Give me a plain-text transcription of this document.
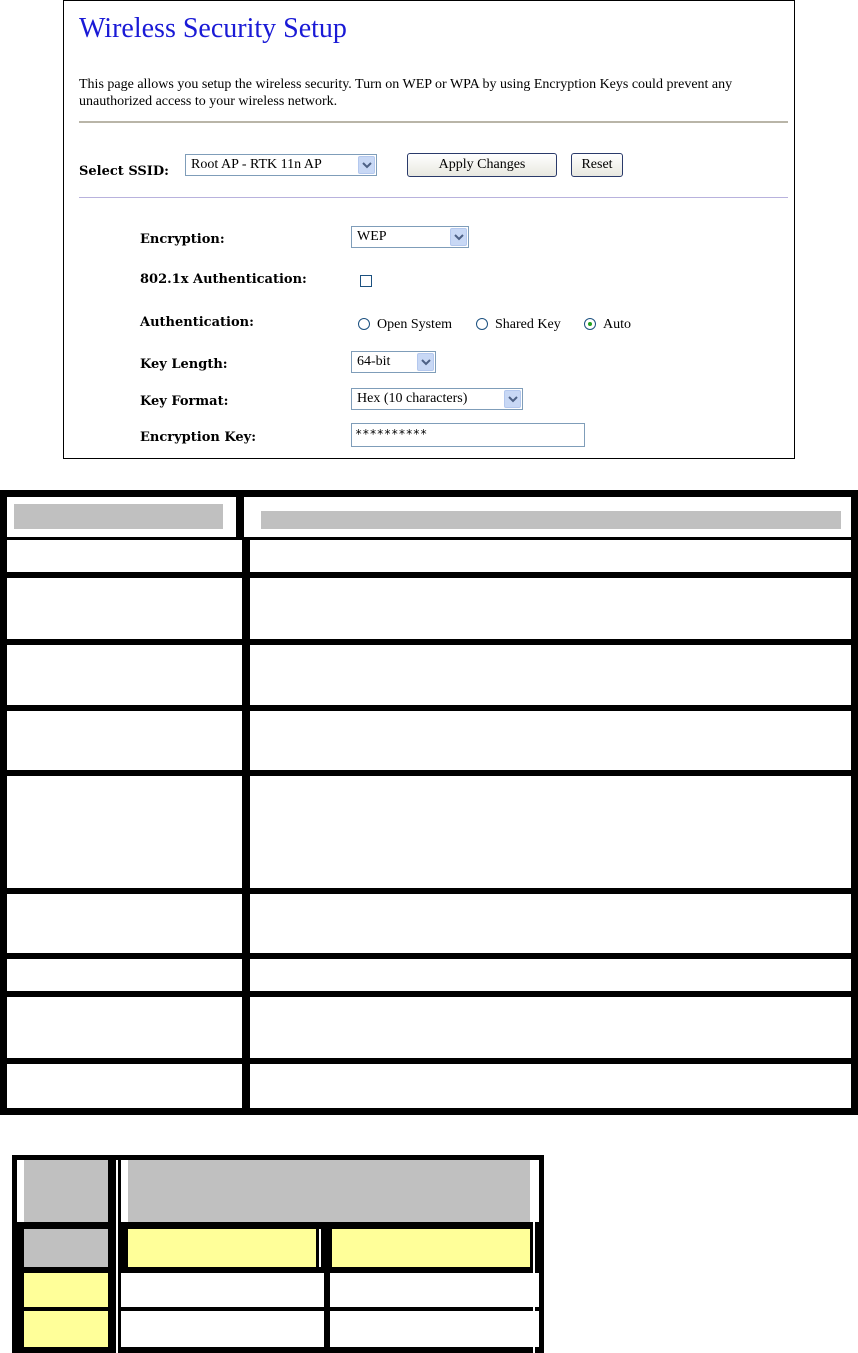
Wireless Security Setup
This page allows you setup the wireless security. Turn on WEP or WPA by using Encryption Keys could prevent any unauthorized access to your wireless network.
Select SSID:	Root AP - RTK 11n AP	Apply Changes	Reset
Encryption:	WEP
802.1x Authentication:
Authentication:	Open System	Shared Key	Auto
Key Length:	64-bit
Key Format:	Hex (10 characters)
Encryption Key:	**********
